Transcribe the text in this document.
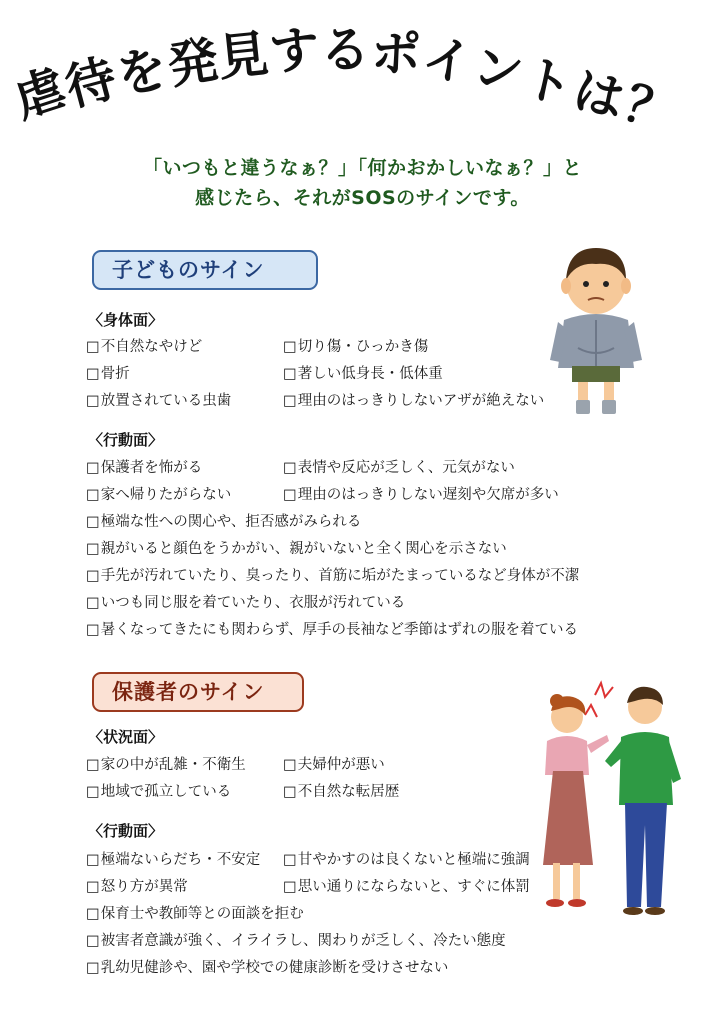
虐
待
を
発
見
す る ポ
イ
ン
ト
は
？
「いつもと違うなぁ？」「何かおかしいなぁ？」と
感じたら、それがSOSのサインです。
子どものサイン
〈身体面〉
〈行動面〉
□不自然なやけど	□切り傷・ひっかき傷
□骨折	□著しい低身長・低体重
□放置されている虫歯	□理由のはっきりしないアザが絶えない
□保護者を怖がる	□表情や反応が乏しく、元気がない
□家へ帰りたがらない	□理由のはっきりしない遅刻や欠席が多い
□極端な性への関心や、拒否感がみられる
□親がいると顔色をうかがい、親がいないと全く関心を示さない
□手先が汚れていたり、臭ったり、首筋に垢がたまっているなど身体が不潔
□いつも同じ服を着ていたり、衣服が汚れている
□暑くなってきたにも関わらず、厚手の長袖など季節はずれの服を着ている
保護者のサイン
〈状況面〉
〈行動面〉
□家の中が乱雑・不衛生	□夫婦仲が悪い
□地域で孤立している	□不自然な転居歴
□極端ないらだち・不安定 □甘やかすのは良くないと極端に強調
□怒り方が異常	□思い通りにならないと、すぐに体罰
□保育士や教師等との面談を拒む
□被害者意識が強く、イライラし、関わりが乏しく、冷たい態度
□乳幼児健診や、園や学校での健康診断を受けさせない
